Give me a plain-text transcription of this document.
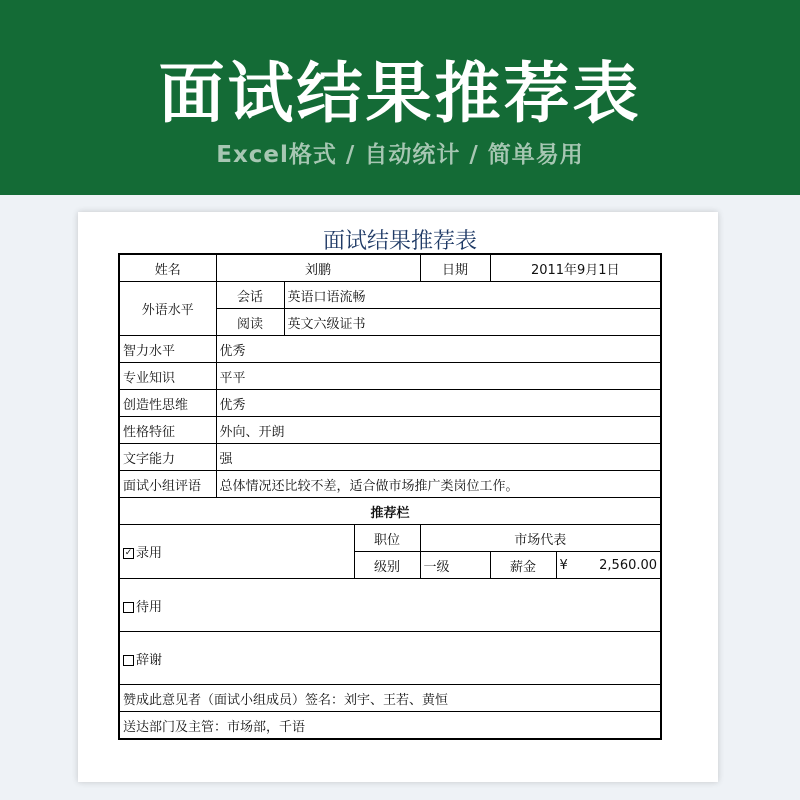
面试结果推荐表
Excel格式 / 自动统计 / 简单易用
面试结果推荐表
姓名	刘鹏			日期	2011年9月1日	
外语水平	会话	英语口语流畅				
	阅读	英文六级证书				
智力水平	优秀					
专业知识	平平					
创造性思维	优秀					
性格特征	外向、开朗					
文字能力	强					
面试小组评语	总体情况还比较不差，适合做市场推广类岗位工作。					
推荐栏						
✓ 录用			职位	市场代表		
			级别	一级	薪金	¥ 2,560.00

待用						
辞谢						
赞成此意见者（面试小组成员）签名：刘宇、王若、黄恒						
送达部门及主管：市场部，千语						
